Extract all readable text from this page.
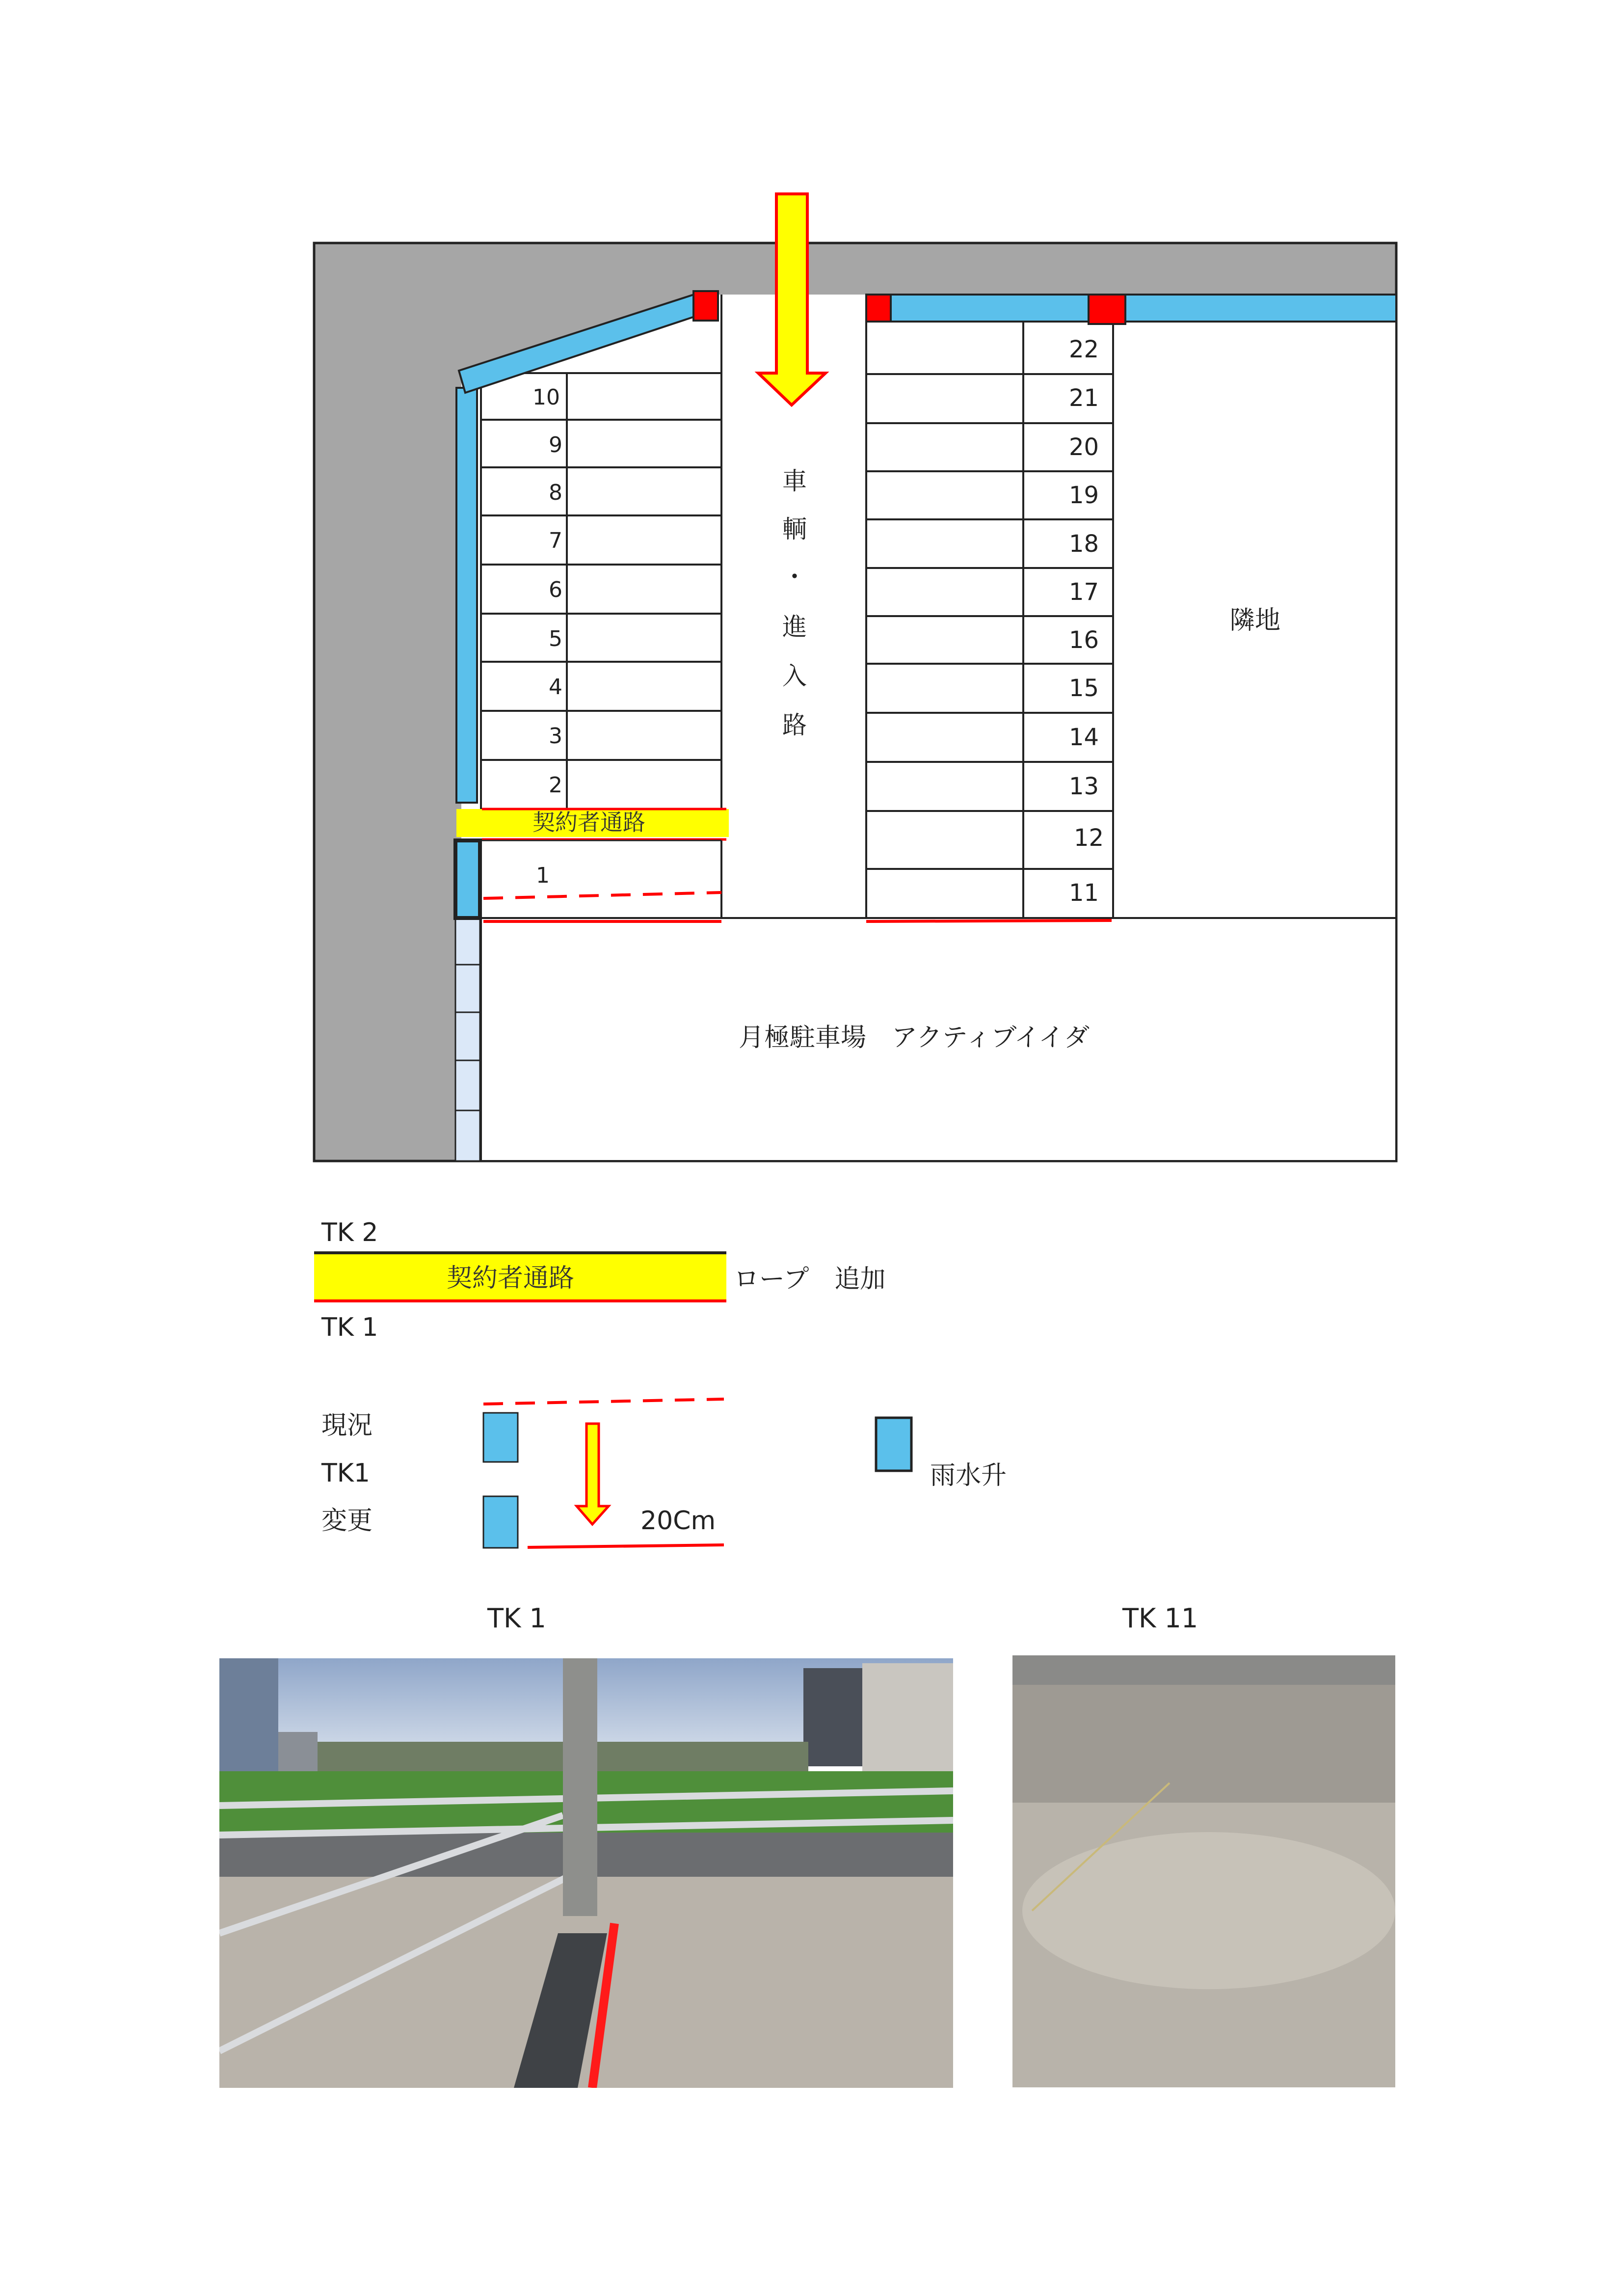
1
2
3
4
5
6
7
8
9
10
11
12
13
14
15
16
17
18
19
20
21
22
車
輌
・
進
入
路
隣地
契約者通路
月極駐車場　アクティブイイダ
TK 2
契約者通路	ロープ　追加
TK 1
現況
TK1
変更	20Cm
雨水升
TK 1	TK 11
